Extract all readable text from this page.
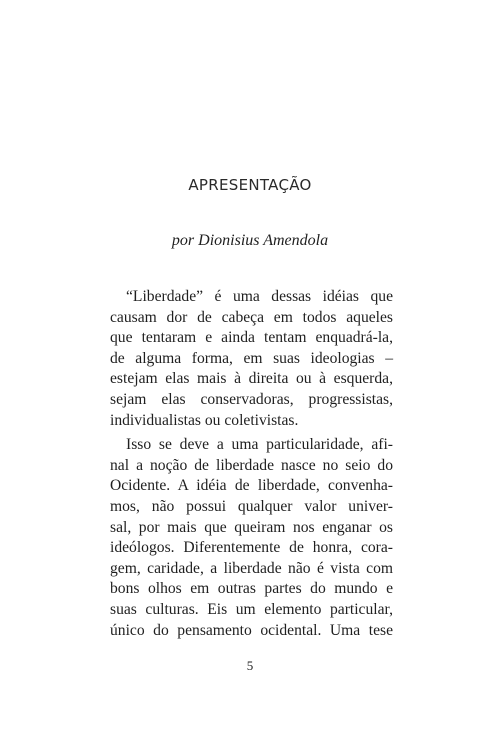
APRESENTAÇÃO

por Dionisius Amendola

“Liberdade” é uma dessas idéias que
causam dor de cabeça em todos aqueles
que tentaram e ainda tentam enquadrá-la,
de alguma forma, em suas ideologias –
estejam elas mais à direita ou à esquerda,
sejam elas conservadoras, progressistas,
individualistas ou coletivistas.
Isso se deve a uma particularidade, afi-
nal a noção de liberdade nasce no seio do
Ocidente. A idéia de liberdade, convenha-
mos, não possui qualquer valor univer-
sal, por mais que queiram nos enganar os
ideólogos. Diferentemente de honra, cora-
gem, caridade, a liberdade não é vista com
bons olhos em outras partes do mundo e
suas culturas. Eis um elemento particular,
único do pensamento ocidental. Uma tese

5
